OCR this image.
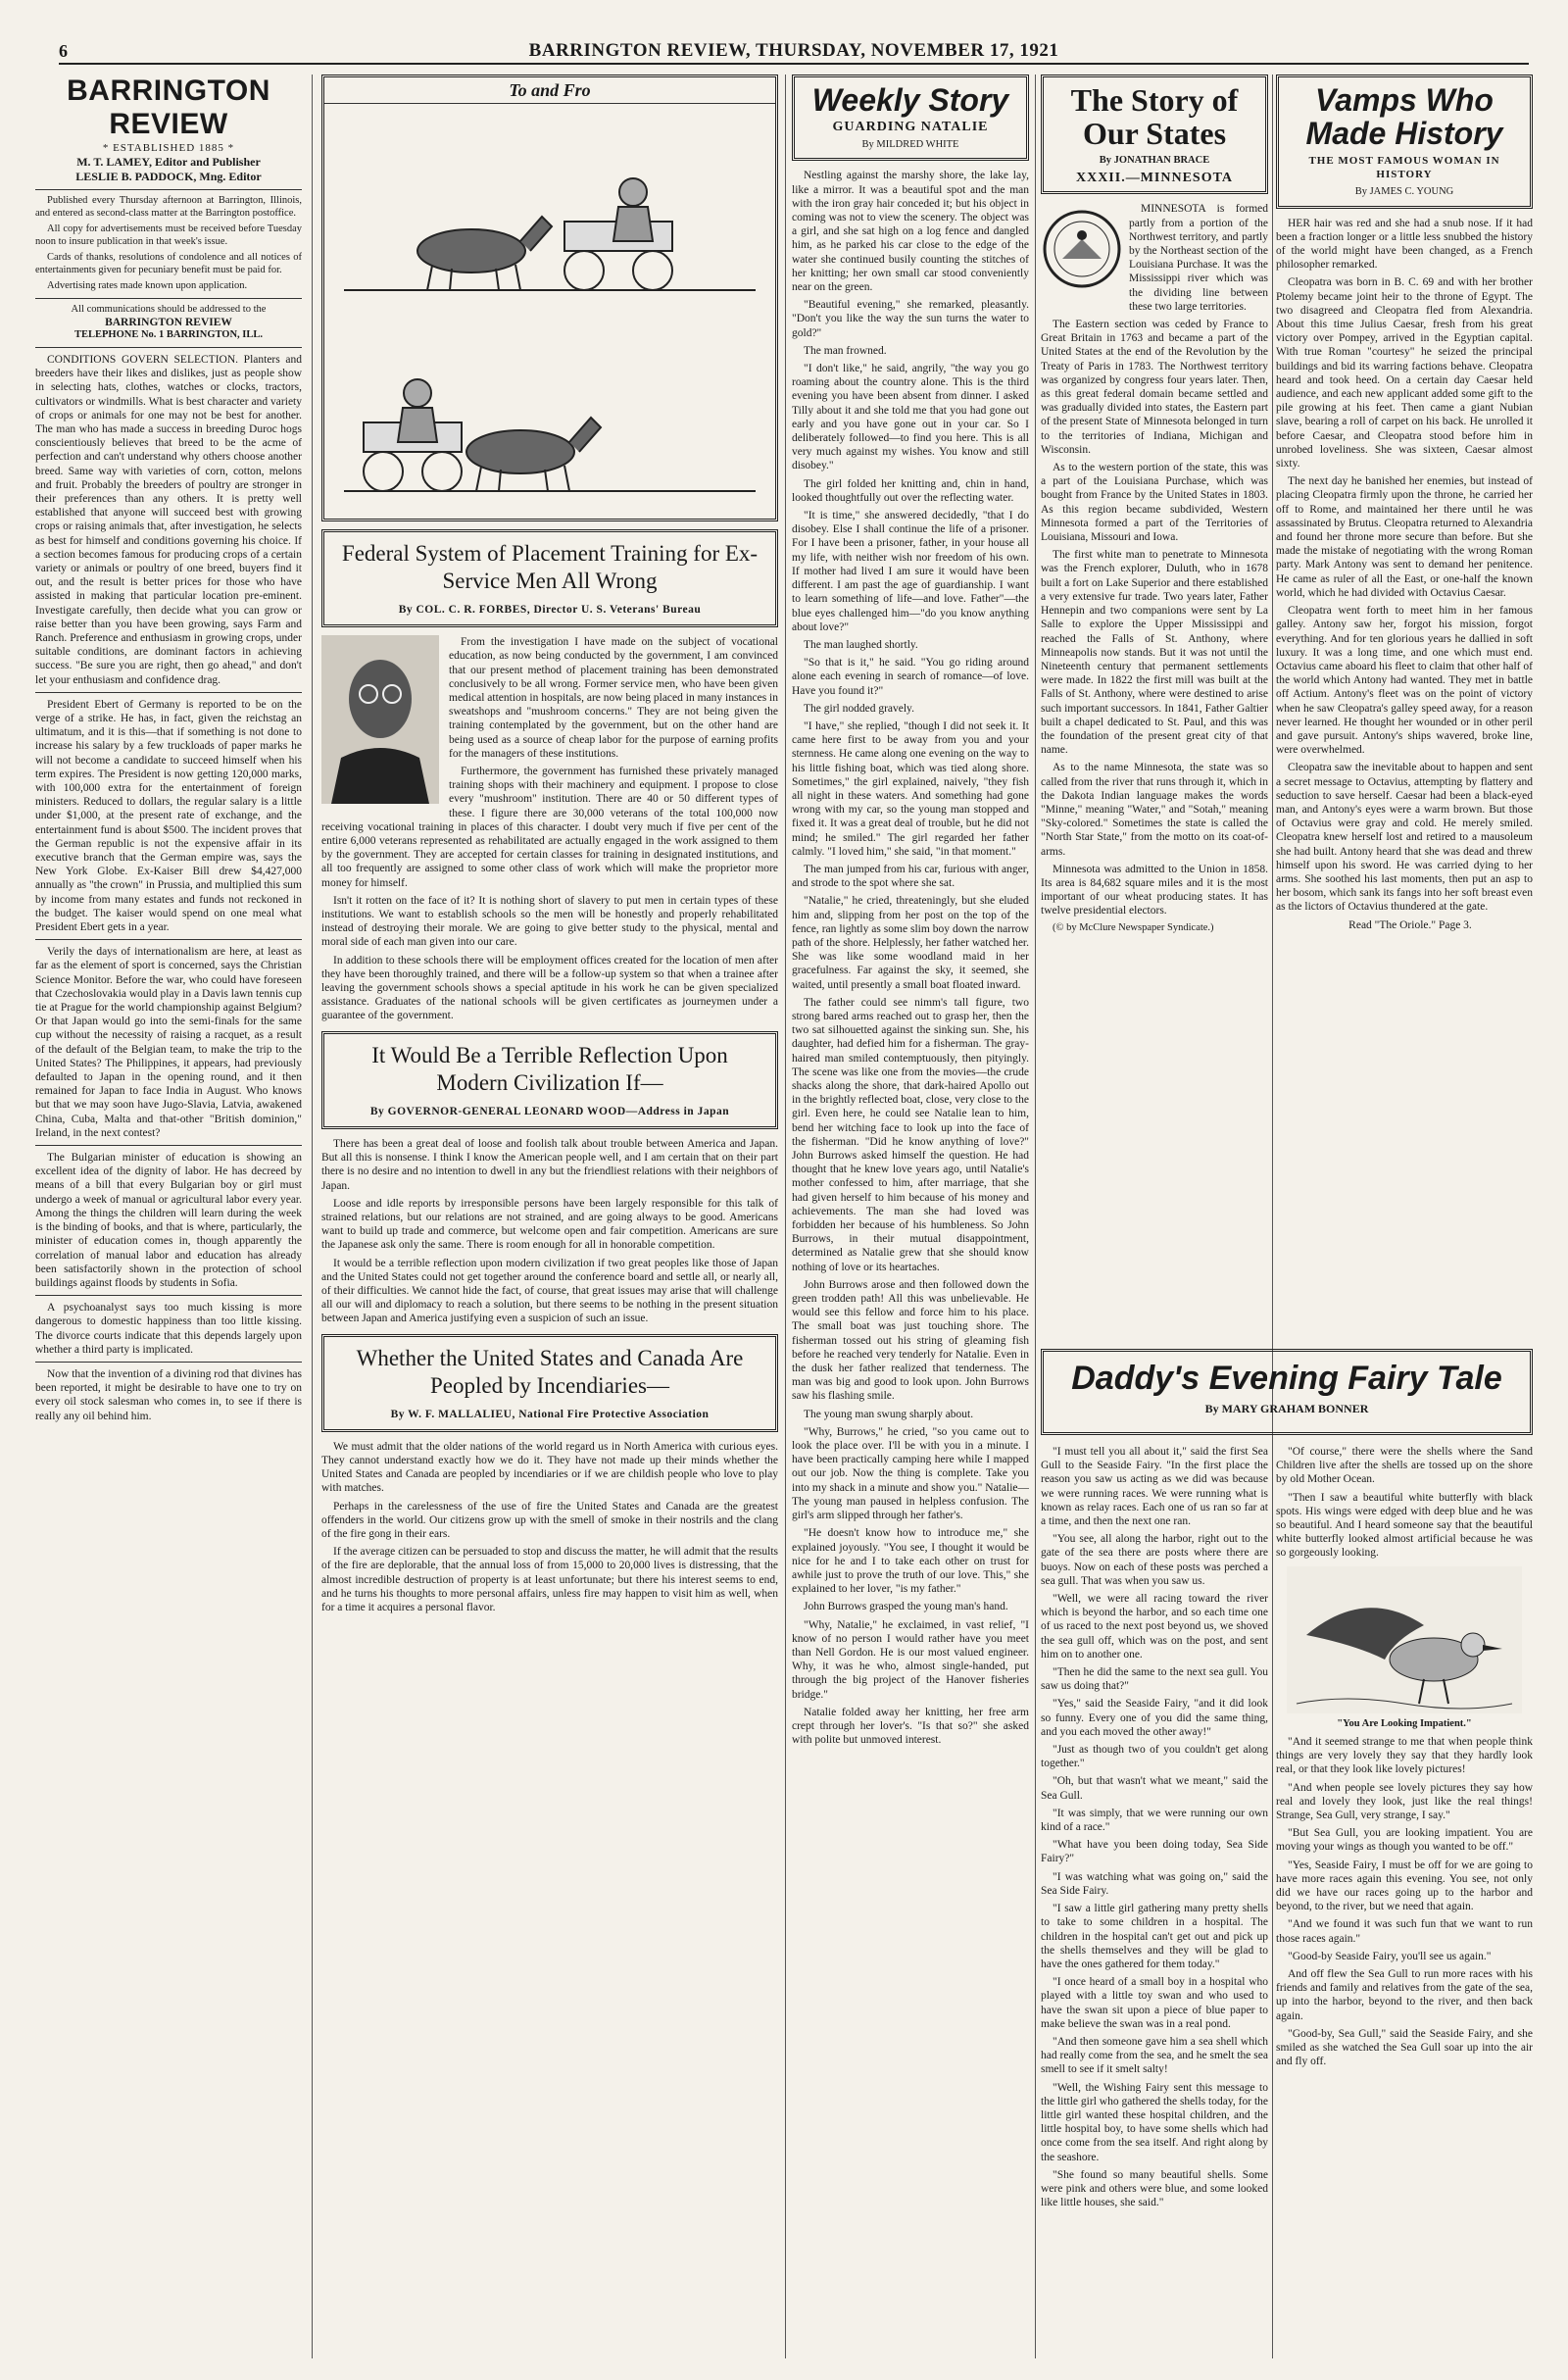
6	BARRINGTON REVIEW, THURSDAY, NOVEMBER 17, 1921
BARRINGTON REVIEW
* ESTABLISHED 1885 *
M. T. LAMEY, Editor and Publisher
LESLIE B. PADDOCK, Mng. Editor

Published every Thursday afternoon at Barrington, Illinois, and entered as second-class matter at the Barrington postoffice.

All copy for advertisements must be received before Tuesday noon to insure publication in that week's issue.

Cards of thanks, resolutions of condolence and all notices of entertainments given for pecuniary benefit must be paid for.

Advertising rates made known upon application.

All communications should be addressed to the
BARRINGTON REVIEW
TELEPHONE No. 1 BARRINGTON, ILL.

CONDITIONS GOVERN SELECTION. Planters and breeders have their likes and dislikes, just as people show in selecting hats, clothes, watches or clocks, tractors, cultivators or windmills. What is best character and variety of crops or animals for one may not be best for another. The man who has made a success in breeding Duroc hogs conscientiously believes that breed to be the acme of perfection and can't understand why others choose another breed. Same way with varieties of corn, cotton, melons and fruit. Probably the breeders of poultry are stronger in their preferences than any others. It is pretty well established that anyone will succeed best with growing crops or raising animals that, after investigation, he selects as best for himself and conditions governing his choice. If a section becomes famous for producing crops of a certain variety or animals or poultry of one breed, buyers find it out, and the result is better prices for those who have assisted in making that particular location pre-eminent. Investigate carefully, then decide what you can grow or raise better than you have been growing, says Farm and Ranch. Preference and enthusiasm in growing crops, under suitable conditions, are dominant factors in achieving success. "Be sure you are right, then go ahead," and don't let your enthusiasm and confidence drag.

President Ebert of Germany is reported to be on the verge of a strike. He has, in fact, given the reichstag an ultimatum, and it is this—that if something is not done to increase his salary by a few truckloads of paper marks he will not become a candidate to succeed himself when his term expires. The President is now getting 120,000 marks, with 100,000 extra for the entertainment of foreign ministers. Reduced to dollars, the regular salary is a little under $1,000, at the present rate of exchange, and the entertainment fund is about $500. The incident proves that the German republic is not the expensive affair in its executive branch that the German empire was, says the New York Globe. Ex-Kaiser Bill drew $4,427,000 annually as "the crown" in Prussia, and multiplied this sum by income from many estates and funds not reckoned in the budget. The kaiser would spend on one meal what President Ebert gets in a year.

Verily the days of internationalism are here, at least as far as the element of sport is concerned, says the Christian Science Monitor. Before the war, who could have foreseen that Czechoslovakia would play in a Davis lawn tennis cup tie at Prague for the world championship against Belgium? Or that Japan would go into the semi-finals for the same cup without the necessity of raising a racquet, as a result of the default of the Belgian team, to make the trip to the United States? The Philippines, it appears, had previously defaulted to Japan in the opening round, and it then remained for Japan to face India in August. Who knows but that we may soon have Jugo-Slavia, Latvia, awakened China, Cuba, Malta and that-other "British dominion," Ireland, in the next contest?

The Bulgarian minister of education is showing an excellent idea of the dignity of labor. He has decreed by means of a bill that every Bulgarian boy or girl must undergo a week of manual or agricultural labor every year. Among the things the children will learn during the week is the binding of books, and that is where, particularly, the minister of education comes in, though apparently the correlation of manual labor and education has already been satisfactorily shown in the protection of school buildings against floods by students in Sofia.

A psychoanalyst says too much kissing is more dangerous to domestic happiness than too little kissing. The divorce courts indicate that this depends largely upon whether a third party is implicated.

Now that the invention of a divining rod that divines has been reported, it might be desirable to have one to try on every oil stock salesman who comes in, to see if there is really any oil behind him.

To and Fro
Federal System of Placement Training for Ex-Service Men All Wrong
By COL. C. R. FORBES, Director U. S. Veterans' Bureau

From the investigation I have made on the subject of vocational education, as now being conducted by the government, I am convinced that our present method of placement training has been demonstrated conclusively to be all wrong. Former service men, who have been given medical attention in hospitals, are now being placed in many instances in sweatshops and "mushroom concerns." They are not being given the training contemplated by the government, but on the other hand are being used as a source of cheap labor for the purpose of earning profits for the managers of these institutions.

Furthermore, the government has furnished these privately managed training shops with their machinery and equipment. I propose to close every "mushroom" institution. There are 40 or 50 different types of these. I figure there are 30,000 veterans of the total 100,000 now receiving vocational training in places of this character. I doubt very much if five per cent of the entire 6,000 veterans represented as rehabilitated are actually engaged in the work assigned to them by the government. They are accepted for certain classes for training in designated institutions, and all too frequently are assigned to some other class of work which will make the proprietor more money for himself.

Isn't it rotten on the face of it? It is nothing short of slavery to put men in certain types of these institutions. We want to establish schools so the men will be honestly and properly rehabilitated instead of destroying their morale. We are going to give better study to the physical, mental and moral side of each man given into our care.

In addition to these schools there will be employment offices created for the location of men after they have been thoroughly trained, and there will be a follow-up system so that when a trainee after leaving the government schools shows a special aptitude in his work he can be given specialized assistance. Graduates of the national schools will be given certificates as journeymen under a guarantee of the government.

It Would Be a Terrible Reflection Upon Modern Civilization If—
By GOVERNOR-GENERAL LEONARD WOOD—Address in Japan

There has been a great deal of loose and foolish talk about trouble between America and Japan. But all this is nonsense. I think I know the American people well, and I am certain that on their part there is no desire and no intention to dwell in any but the friendliest relations with their neighbors of Japan.

Loose and idle reports by irresponsible persons have been largely responsible for this talk of strained relations, but our relations are not strained, and are going always to be good. Americans want to build up trade and commerce, but welcome open and fair competition. Americans are sure the Japanese ask only the same. There is room enough for all in honorable competition.

It would be a terrible reflection upon modern civilization if two great peoples like those of Japan and the United States could not get together around the conference board and settle all, or nearly all, of their difficulties. We cannot hide the fact, of course, that great issues may arise that will challenge all our will and diplomacy to reach a solution, but there seems to be nothing in the present situation between Japan and America justifying even a suspicion of such an issue.

Whether the United States and Canada Are Peopled by Incendiaries—
By W. F. MALLALIEU, National Fire Protective Association

We must admit that the older nations of the world regard us in North America with curious eyes. They cannot understand exactly how we do it. They have not made up their minds whether the United States and Canada are peopled by incendiaries or if we are childish people who love to play with matches.

Perhaps in the carelessness of the use of fire the United States and Canada are the greatest offenders in the world. Our citizens grow up with the smell of smoke in their nostrils and the clang of the fire gong in their ears.

If the average citizen can be persuaded to stop and discuss the matter, he will admit that the results of the fire are deplorable, that the annual loss of from 15,000 to 20,000 lives is distressing, that the almost incredible destruction of property is at least unfortunate; but there his interest seems to end, and he turns his thoughts to more personal affairs, unless fire may happen to visit him as well, when for a time it acquires a personal flavor.

Weekly Story
GUARDING NATALIE
By MILDRED WHITE

Nestling against the marshy shore, the lake lay, like a mirror. It was a beautiful spot and the man with the iron gray hair conceded it; but his object in coming was not to view the scenery. The object was a girl, and she sat high on a log fence and dangled him, as he parked his car close to the edge of the water she continued busily counting the stitches of her knitting; her own small car stood conveniently near on the green.

"Beautiful evening," she remarked, pleasantly. "Don't you like the way the sun turns the water to gold?"

The man frowned.

"I don't like," he said, angrily, "the way you go roaming about the country alone. This is the third evening you have been absent from dinner. I asked Tilly about it and she told me that you had gone out early and you have gone out in your car. So I deliberately followed—to find you here. This is all very much against my wishes. You know and still disobey."

The girl folded her knitting and, chin in hand, looked thoughtfully out over the reflecting water.

"It is time," she answered decidedly, "that I do disobey. Else I shall continue the life of a prisoner. For I have been a prisoner, father, in your house all my life, with neither wish nor freedom of his own. If mother had lived I am sure it would have been different. I am past the age of guardianship. I want to learn something of life—and love. Father"—the blue eyes challenged him—"do you know anything about love?"

The man laughed shortly.

"So that is it," he said. "You go riding around alone each evening in search of romance—of love. Have you found it?"

The girl nodded gravely.

"I have," she replied, "though I did not seek it. It came here first to be away from you and your sternness. He came along one evening on the way to his little fishing boat, which was tied along shore. Sometimes," the girl explained, naively, "they fish all night in these waters. And something had gone wrong with my car, so the young man stopped and fixed it. It was a great deal of trouble, but he did not mind; he smiled." The girl regarded her father calmly. "I loved him," she said, "in that moment."

The man jumped from his car, furious with anger, and strode to the spot where she sat.

"Natalie," he cried, threateningly, but she eluded him and, slipping from her post on the top of the fence, ran lightly as some slim boy down the narrow path of the shore. Helplessly, her father watched her. She was like some woodland maid in her gracefulness. Far against the sky, it seemed, she waited, until presently a small boat floated inward.

The father could see nimm's tall figure, two strong bared arms reached out to grasp her, then the two sat silhouetted against the sinking sun. She, his daughter, had defied him for a fisherman. The gray-haired man smiled contemptuously, then pityingly. The scene was like one from the movies—the crude shacks along the shore, that dark-haired Apollo out in the brightly reflected boat, close, very close to the girl. Even here, he could see Natalie lean to him, bend her witching face to look up into the face of the fisherman. "Did he know anything of love?" John Burrows asked himself the question. He had thought that he knew love years ago, until Natalie's mother confessed to him, after marriage, that she had given herself to him because of his money and achievements. The man she had loved was forbidden her because of his humbleness. So John Burrows, in their mutual disappointment, determined as Natalie grew that she should know nothing of love or its heartaches.

John Burrows arose and then followed down the green trodden path! All this was unbelievable. He would see this fellow and force him to his place. The small boat was just touching shore. The fisherman tossed out his string of gleaming fish before he reached very tenderly for Natalie. Even in the dusk her father realized that tenderness. The man was big and good to look upon. John Burrows saw his flashing smile.

The young man swung sharply about.

"Why, Burrows," he cried, "so you came out to look the place over. I'll be with you in a minute. I have been practically camping here while I mapped out our job. Now the thing is complete. Take you into my shack in a minute and show you." Natalie—The young man paused in helpless confusion. The girl's arm slipped through her father's.

"He doesn't know how to introduce me," she explained joyously. "You see, I thought it would be nice for he and I to take each other on trust for awhile just to prove the truth of our love. This," she explained to her lover, "is my father."

John Burrows grasped the young man's hand.

"Why, Natalie," he exclaimed, in vast relief, "I know of no person I would rather have you meet than Nell Gordon. He is our most valued engineer. Why, it was he who, almost single-handed, put through the big project of the Hanover fisheries bridge."

Natalie folded away her knitting, her free arm crept through her lover's. "Is that so?" she asked with polite but unmoved interest.

The Story of Our States
By JONATHAN BRACE
XXXII.—MINNESOTA

MINNESOTA is formed partly from a portion of the Northwest territory, and partly by the Northeast section of the Louisiana Purchase. It was the Mississippi river which was the dividing line between these two large territories.

The Eastern section was ceded by France to Great Britain in 1763 and became a part of the United States at the end of the Revolution by the Treaty of Paris in 1783. The Northwest territory was organized by congress four years later. Then, as this great federal domain became settled and was gradually divided into states, the Eastern part of the present State of Minnesota belonged in turn to the territories of Indiana, Michigan and Wisconsin.

As to the western portion of the state, this was a part of the Louisiana Purchase, which was bought from France by the United States in 1803. As this region became subdivided, Western Minnesota formed a part of the Territories of Louisiana, Missouri and Iowa.

The first white man to penetrate to Minnesota was the French explorer, Duluth, who in 1678 built a fort on Lake Superior and there established a very extensive fur trade. Two years later, Father Hennepin and two companions were sent by La Salle to explore the Upper Mississippi and reached the Falls of St. Anthony, where Minneapolis now stands. But it was not until the Nineteenth century that permanent settlements were made. In 1822 the first mill was built at the Falls of St. Anthony, where were destined to arise such important successors. In 1841, Father Galtier built a chapel dedicated to St. Paul, and this was the foundation of the present great city of that name.

As to the name Minnesota, the state was so called from the river that runs through it, which in the Dakota Indian language makes the words "Minne," meaning "Water," and "Sotah," meaning "Sky-colored." Sometimes the state is called the "North Star State," from the motto on its coat-of-arms.

Minnesota was admitted to the Union in 1858. Its area is 84,682 square miles and it is the most important of our wheat producing states. It has twelve presidential electors.

(© by McClure Newspaper Syndicate.)

Vamps Who Made History
THE MOST FAMOUS WOMAN IN HISTORY
By JAMES C. YOUNG

HER hair was red and she had a snub nose. If it had been a fraction longer or a little less snubbed the history of the world might have been changed, as a French philosopher remarked.

Cleopatra was born in B. C. 69 and with her brother Ptolemy became joint heir to the throne of Egypt. The two disagreed and Cleopatra fled from Alexandria. About this time Julius Caesar, fresh from his great victory over Pompey, arrived in the Egyptian capital. With true Roman "courtesy" he seized the principal buildings and bid its warring factions behave. Cleopatra heard and took heed. On a certain day Caesar held audience, and each new applicant added some gift to the pile growing at his feet. Then came a giant Nubian slave, bearing a roll of carpet on his back. He unrolled it before Caesar, and Cleopatra stood before him in unrobed loveliness. She was sixteen, Caesar almost sixty.

The next day he banished her enemies, but instead of placing Cleopatra firmly upon the throne, he carried her off to Rome, and maintained her there until he was assassinated by Brutus. Cleopatra returned to Alexandria and found her throne more secure than before. But she made the mistake of negotiating with the wrong Roman party. Mark Antony was sent to demand her penitence. He came as ruler of all the East, or one-half the known world, which he had divided with Octavius Caesar.

Cleopatra went forth to meet him in her famous galley. Antony saw her, forgot his mission, forgot everything. And for ten glorious years he dallied in soft luxury. It was a long time, and one which must end. Octavius came aboard his fleet to claim that other half of the world which Antony had wanted. They met in battle off Actium. Antony's fleet was on the point of victory when he saw Cleopatra's galley speed away, for a reason never learned. He thought her wounded or in other peril and gave pursuit. Antony's ships wavered, broke line, were overwhelmed.

Cleopatra saw the inevitable about to happen and sent a secret message to Octavius, attempting by flattery and seduction to save herself. Caesar had been a black-eyed man, and Antony's eyes were a warm brown. But those of Octavius were gray and cold. He merely smiled. Cleopatra knew herself lost and retired to a mausoleum she had built. Antony heard that she was dead and threw himself upon his sword. He was carried dying to her arms. She soothed his last moments, then put an asp to her bosom, which sank its fangs into her soft breast even as the lictors of Octavius thundered at the gate.

Read "The Oriole." Page 3.

Daddy's Evening Fairy Tale
By MARY GRAHAM BONNER

"I must tell you all about it," said the first Sea Gull to the Seaside Fairy. "In the first place the reason you saw us acting as we did was because we were running races. We were running what is known as relay races. Each one of us ran so far at a time, and then the next one ran.

"You see, all along the harbor, right out to the gate of the sea there are posts where there are buoys. Now on each of these posts was perched a sea gull. That was when you saw us.

"Well, we were all racing toward the river which is beyond the harbor, and so each time one of us raced to the next post beyond us, we shoved the sea gull off, which was on the post, and sent him on to another one.

"Then he did the same to the next sea gull. You saw us doing that?"

"Yes," said the Seaside Fairy, "and it did look so funny. Every one of you did the same thing, and you each moved the other away!"

"Just as though two of you couldn't get along together."

"Oh, but that wasn't what we meant," said the Sea Gull.

"It was simply, that we were running our own kind of a race."

"What have you been doing today, Sea Side Fairy?"

"I was watching what was going on," said the Sea Side Fairy.

"I saw a little girl gathering many pretty shells to take to some children in a hospital. The children in the hospital can't get out and pick up the shells themselves and they will be glad to have the ones gathered for them today."

"I once heard of a small boy in a hospital who played with a little toy swan and who used to have the swan sit upon a piece of blue paper to make believe the swan was in a real pond.

"And then someone gave him a sea shell which had really come from the sea, and he smelt the sea smell to see if it smelt salty!

"Well, the Wishing Fairy sent this message to the little girl who gathered the shells today, for the little girl wanted these hospital children, and the little hospital boy, to have some shells which had once come from the sea itself. And right along by the seashore.

"She found so many beautiful shells. Some were pink and others were blue, and some looked like little houses, she said."

"Of course," there were the shells where the Sand Children live after the shells are tossed up on the shore by old Mother Ocean.

"Then I saw a beautiful white butterfly with black spots. His wings were edged with deep blue and he was so beautiful. And I heard someone say that the beautiful white butterfly looked almost artificial because he was so gorgeously looking.

"You Are Looking Impatient."

"And it seemed strange to me that when people think things are very lovely they say that they hardly look real, or that they look like lovely pictures!

"And when people see lovely pictures they say how real and lovely they look, just like the real things! Strange, Sea Gull, very strange, I say."

"But Sea Gull, you are looking impatient. You are moving your wings as though you wanted to be off."

"Yes, Seaside Fairy, I must be off for we are going to have more races again this evening. You see, not only did we have our races going up to the harbor and beyond, to the river, but we need that again.

"And we found it was such fun that we want to run those races again."

"Good-by Seaside Fairy, you'll see us again."

And off flew the Sea Gull to run more races with his friends and family and relatives from the gate of the sea, up into the harbor, beyond to the river, and then back again.

"Good-by, Sea Gull," said the Seaside Fairy, and she smiled as she watched the Sea Gull soar up into the air and fly off.
